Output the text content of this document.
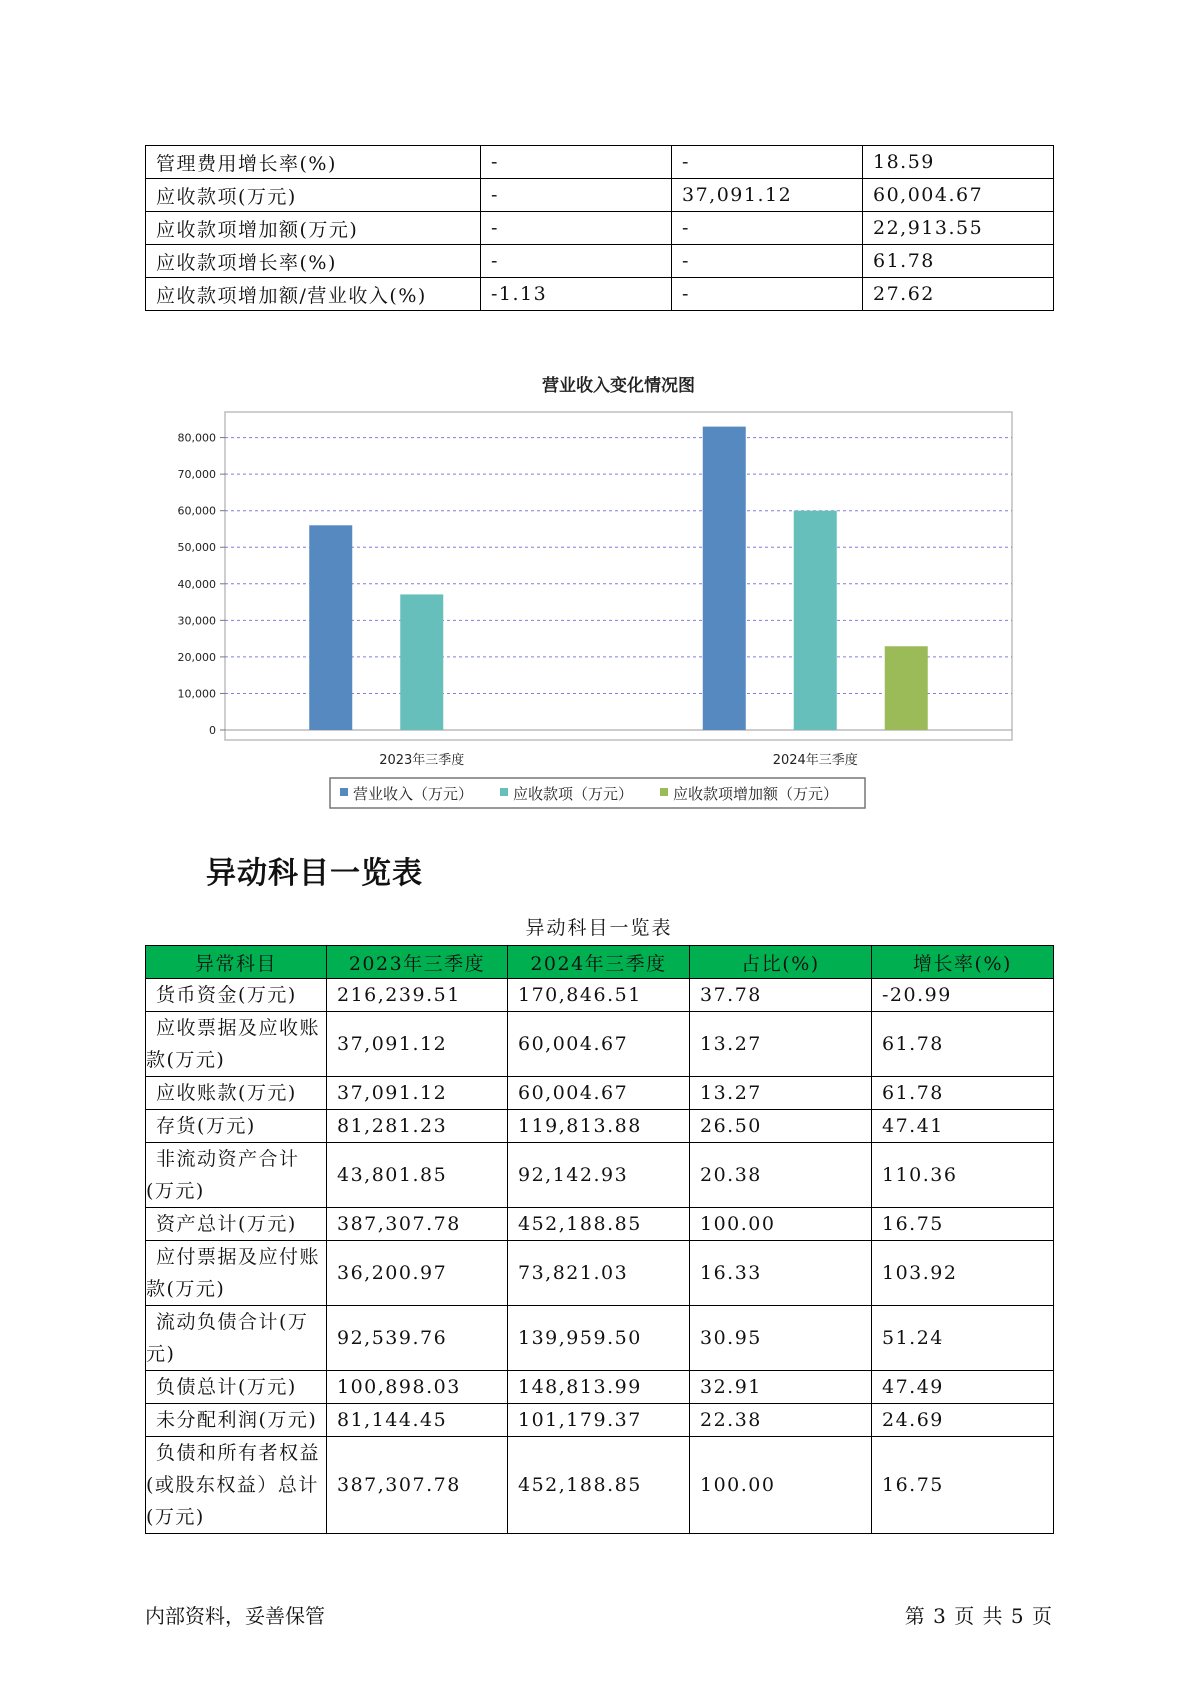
管理费用增长率(%)	-	-	18.59
应收款项(万元)	-	37,091.12	60,004.67
应收款项增加额(万元)	-	-	22,913.55
应收款项增长率(%)	-	-	61.78
应收款项增加额/营业收入(%)	-1.13	-	27.62
营业收入变化情况图
0
10,000
20,000
30,000
40,000
50,000
60,000
70,000
80,000
2023年三季度	2024年三季度
营业收入（万元）	应收款项（万元）	应收款项增加额（万元）
异动科目一览表
异动科目一览表
异常科目	2023年三季度	2024年三季度	占比(%)	增长率(%)
货币资金(万元)	216,239.51	170,846.51	37.78	-20.99
应收票据及应收账款(万元)	37,091.12	60,004.67	13.27	61.78
应收账款(万元)	37,091.12	60,004.67	13.27	61.78
存货(万元)	81,281.23	119,813.88	26.50	47.41
非流动资产合计(万元)	43,801.85	92,142.93	20.38	110.36
资产总计(万元)	387,307.78	452,188.85	100.00	16.75
应付票据及应付账款(万元)	36,200.97	73,821.03	16.33	103.92
流动负债合计(万元)	92,539.76	139,959.50	30.95	51.24
负债总计(万元)	100,898.03	148,813.99	32.91	47.49
未分配利润(万元)	81,144.45	101,179.37	22.38	24.69
负债和所有者权益(或股东权益）总计(万元)	387,307.78	452,188.85	100.00	16.75
内部资料，妥善保管	第 3 页 共 5 页
